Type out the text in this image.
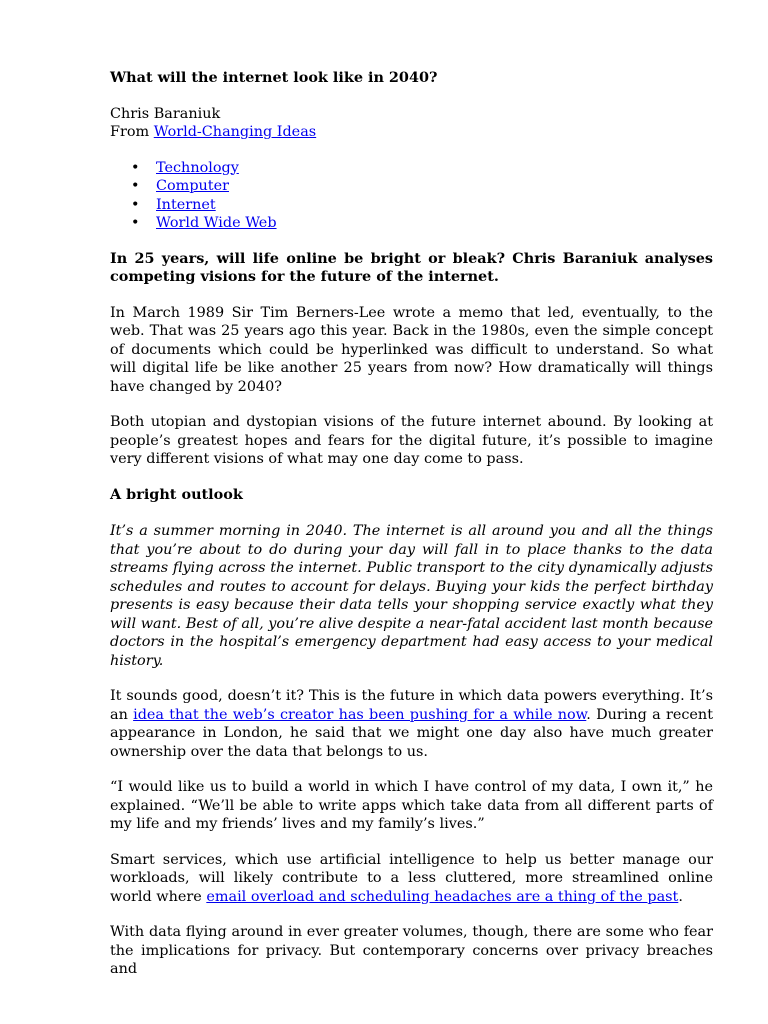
What will the internet look like in 2040?

Chris Baraniuk

From World-Changing Ideas

• Technology
• Computer
• Internet
• World Wide Web

In 25 years, will life online be bright or bleak? Chris Baraniuk analyses competing visions for the future of the internet.

In March 1989 Sir Tim Berners-Lee wrote a memo that led, eventually, to the web. That was 25 years ago this year. Back in the 1980s, even the simple concept of documents which could be hyperlinked was difficult to understand. So what will digital life be like another 25 years from now? How dramatically will things have changed by 2040?

Both utopian and dystopian visions of the future internet abound. By looking at people’s greatest hopes and fears for the digital future, it’s possible to imagine very different visions of what may one day come to pass.

A bright outlook

It’s a summer morning in 2040. The internet is all around you and all the things that you’re about to do during your day will fall in to place thanks to the data streams flying across the internet. Public transport to the city dynamically adjusts schedules and routes to account for delays. Buying your kids the perfect birthday presents is easy because their data tells your shopping service exactly what they will want. Best of all, you’re alive despite a near-fatal accident last month because doctors in the hospital’s emergency department had easy access to your medical history.

It sounds good, doesn’t it? This is the future in which data powers everything. It’s an idea that the web’s creator has been pushing for a while now. During a recent appearance in London, he said that we might one day also have much greater ownership over the data that belongs to us.

“I would like us to build a world in which I have control of my data, I own it,” he explained. “We’ll be able to write apps which take data from all different parts of my life and my friends’ lives and my family’s lives.”

Smart services, which use artificial intelligence to help us better manage our workloads, will likely contribute to a less cluttered, more streamlined online world where email overload and scheduling headaches are a thing of the past.

With data flying around in ever greater volumes, though, there are some who fear the implications for privacy. But contemporary concerns over privacy breaches and
